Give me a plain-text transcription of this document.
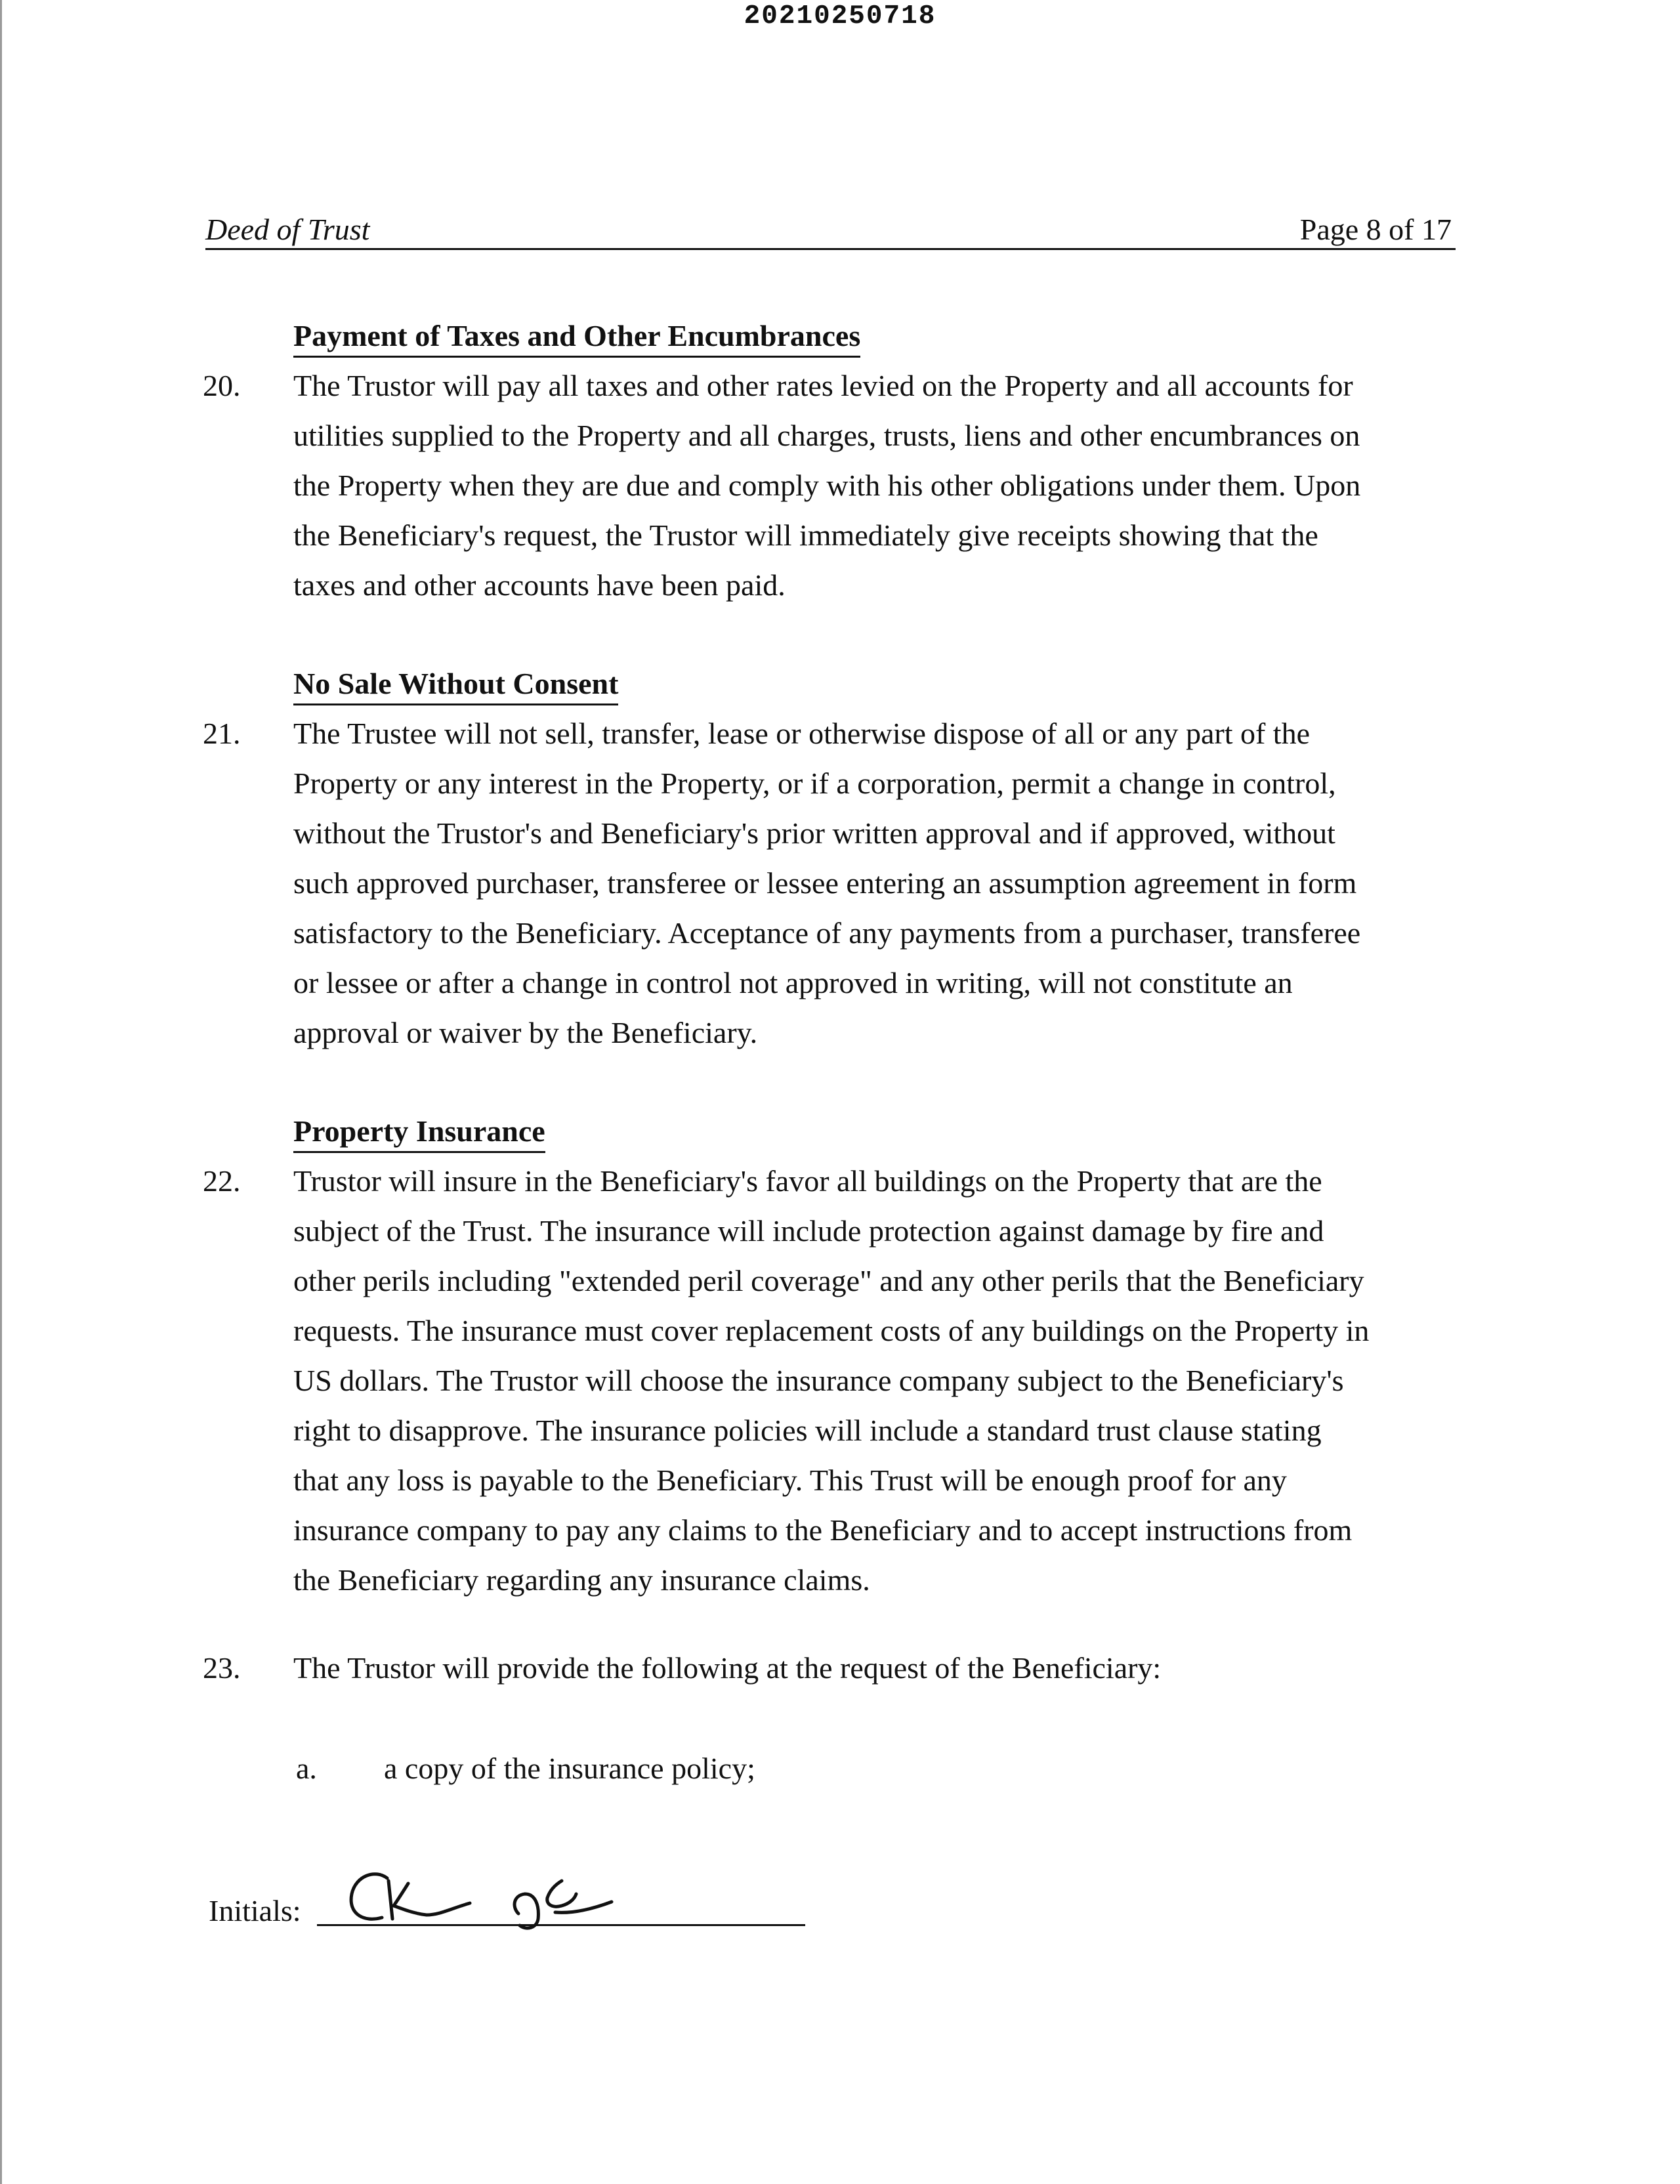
20210250718
Deed of Trust	Page 8 of 17
Payment of Taxes and Other Encumbrances
20. The Trustor will pay all taxes and other rates levied on the Property and all accounts for
utilities supplied to the Property and all charges, trusts, liens and other encumbrances on
the Property when they are due and comply with his other obligations under them. Upon
the Beneficiary's request, the Trustor will immediately give receipts showing that the
taxes and other accounts have been paid.
No Sale Without Consent
21. The Trustee will not sell, transfer, lease or otherwise dispose of all or any part of the
Property or any interest in the Property, or if a corporation, permit a change in control,
without the Trustor's and Beneficiary's prior written approval and if approved, without
such approved purchaser, transferee or lessee entering an assumption agreement in form
satisfactory to the Beneficiary. Acceptance of any payments from a purchaser, transferee
or lessee or after a change in control not approved in writing, will not constitute an
approval or waiver by the Beneficiary.
Property Insurance
22. Trustor will insure in the Beneficiary's favor all buildings on the Property that are the
subject of the Trust. The insurance will include protection against damage by fire and
other perils including "extended peril coverage" and any other perils that the Beneficiary
requests. The insurance must cover replacement costs of any buildings on the Property in
US dollars. The Trustor will choose the insurance company subject to the Beneficiary's
right to disapprove. The insurance policies will include a standard trust clause stating
that any loss is payable to the Beneficiary. This Trust will be enough proof for any
insurance company to pay any claims to the Beneficiary and to accept instructions from
the Beneficiary regarding any insurance claims.
23. The Trustor will provide the following at the request of the Beneficiary:
a. a copy of the insurance policy;
Initials:
